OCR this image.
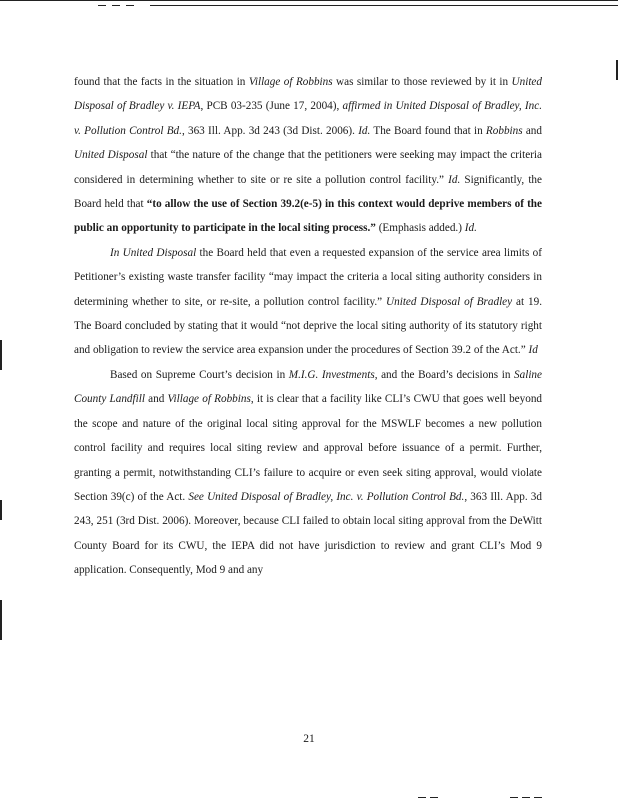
found that the facts in the situation in Village of Robbins was similar to those reviewed by it in United Disposal of Bradley v. IEPA, PCB 03-235 (June 17, 2004), affirmed in United Disposal of Bradley, Inc. v. Pollution Control Bd., 363 Ill. App. 3d 243 (3d Dist. 2006). Id. The Board found that in Robbins and United Disposal that “the nature of the change that the petitioners were seeking may impact the criteria considered in determining whether to site or re site a pollution control facility.” Id. Significantly, the Board held that “to allow the use of Section 39.2(e-5) in this context would deprive members of the public an opportunity to participate in the local siting process.” (Emphasis added.) Id.

In United Disposal the Board held that even a requested expansion of the service area limits of Petitioner’s existing waste transfer facility “may impact the criteria a local siting authority considers in determining whether to site, or re-site, a pollution control facility.” United Disposal of Bradley at 19. The Board concluded by stating that it would “not deprive the local siting authority of its statutory right and obligation to review the service area expansion under the procedures of Section 39.2 of the Act.” Id

Based on Supreme Court’s decision in M.I.G. Investments, and the Board’s decisions in Saline County Landfill and Village of Robbins, it is clear that a facility like CLI’s CWU that goes well beyond the scope and nature of the original local siting approval for the MSWLF becomes a new pollution control facility and requires local siting review and approval before issuance of a permit. Further, granting a permit, notwithstanding CLI’s failure to acquire or even seek siting approval, would violate Section 39(c) of the Act. See United Disposal of Bradley, Inc. v. Pollution Control Bd., 363 Ill. App. 3d 243, 251 (3rd Dist. 2006). Moreover, because CLI failed to obtain local siting approval from the DeWitt County Board for its CWU, the IEPA did not have jurisdiction to review and grant CLI’s Mod 9 application. Consequently, Mod 9 and any

21
